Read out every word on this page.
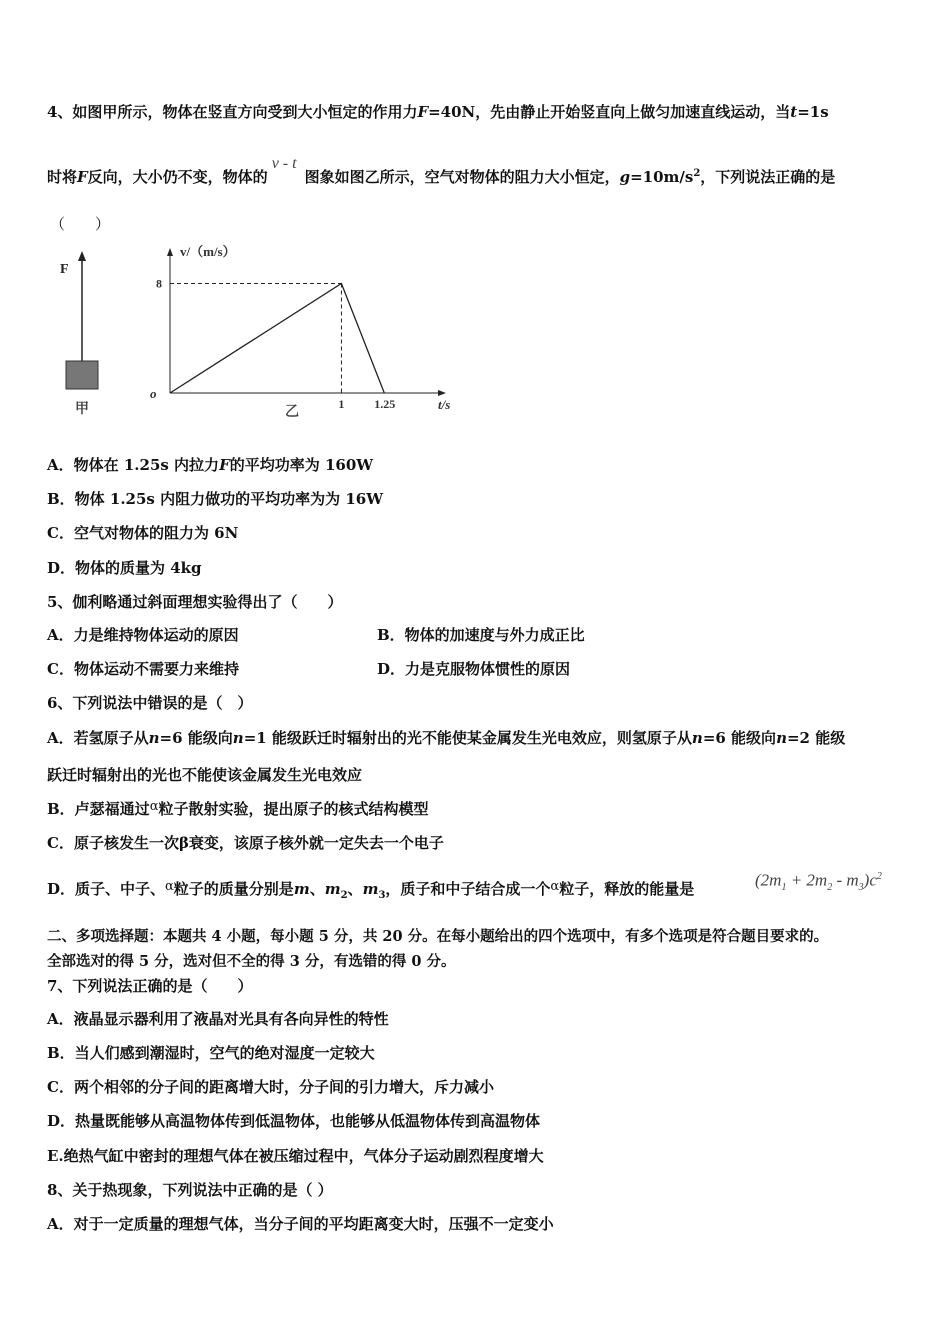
4、如图甲所示，物体在竖直方向受到大小恒定的作用力F=40N，先由静止开始竖直向上做匀加速直线运动，当t=1s
时将F反向，大小仍不变，物体的v - t图象如图乙所示，空气对物体的阻力大小恒定，$g=10m/s^2$，下列说法正确的是
（　　）
F
甲
v/（m/s）
t/s
o
8
1 1.25
乙
A．物体在 1.25s 内拉力F的平均功率为 160W
B．物体 1.25s 内阻力做功的平均功率为为 16W
C．空气对物体的阻力为 6N
D．物体的质量为 4kg
5、伽利略通过斜面理想实验得出了（　　）
A．力是维持物体运动的原因	B．物体的加速度与外力成正比
C．物体运动不需要力来维持	D．力是克服物体惯性的原因
6、下列说法中错误的是（　）
A．若氢原子从n=6 能级向n=1 能级跃迁时辐射出的光不能使某金属发生光电效应，则氢原子从n=6 能级向n=2 能级
跃迁时辐射出的光也不能使该金属发生光电效应
B．卢瑟福通过α粒子散射实验，提出原子的核式结构模型
C．原子核发生一次β衰变，该原子核外就一定失去一个电子
D．质子、中子、α粒子的质量分别是m、$m_2$、$m_3$，质子和中子结合成一个α粒子，释放的能量是	$(2m_1 + 2m_2 - m_3)c^2$
二、多项选择题：本题共 4 小题，每小题 5 分，共 20 分。在每小题给出的四个选项中，有多个选项是符合题目要求的。
全部选对的得 5 分，选对但不全的得 3 分，有选错的得 0 分。
7、下列说法正确的是（　　）
A．液晶显示器利用了液晶对光具有各向异性的特性
B．当人们感到潮湿时，空气的绝对湿度一定较大
C．两个相邻的分子间的距离增大时，分子间的引力增大，斥力减小
D．热量既能够从高温物体传到低温物体，也能够从低温物体传到高温物体
E.绝热气缸中密封的理想气体在被压缩过程中，气体分子运动剧烈程度增大
8、关于热现象，下列说法中正确的是（ ）
A．对于一定质量的理想气体，当分子间的平均距离变大时，压强不一定变小
